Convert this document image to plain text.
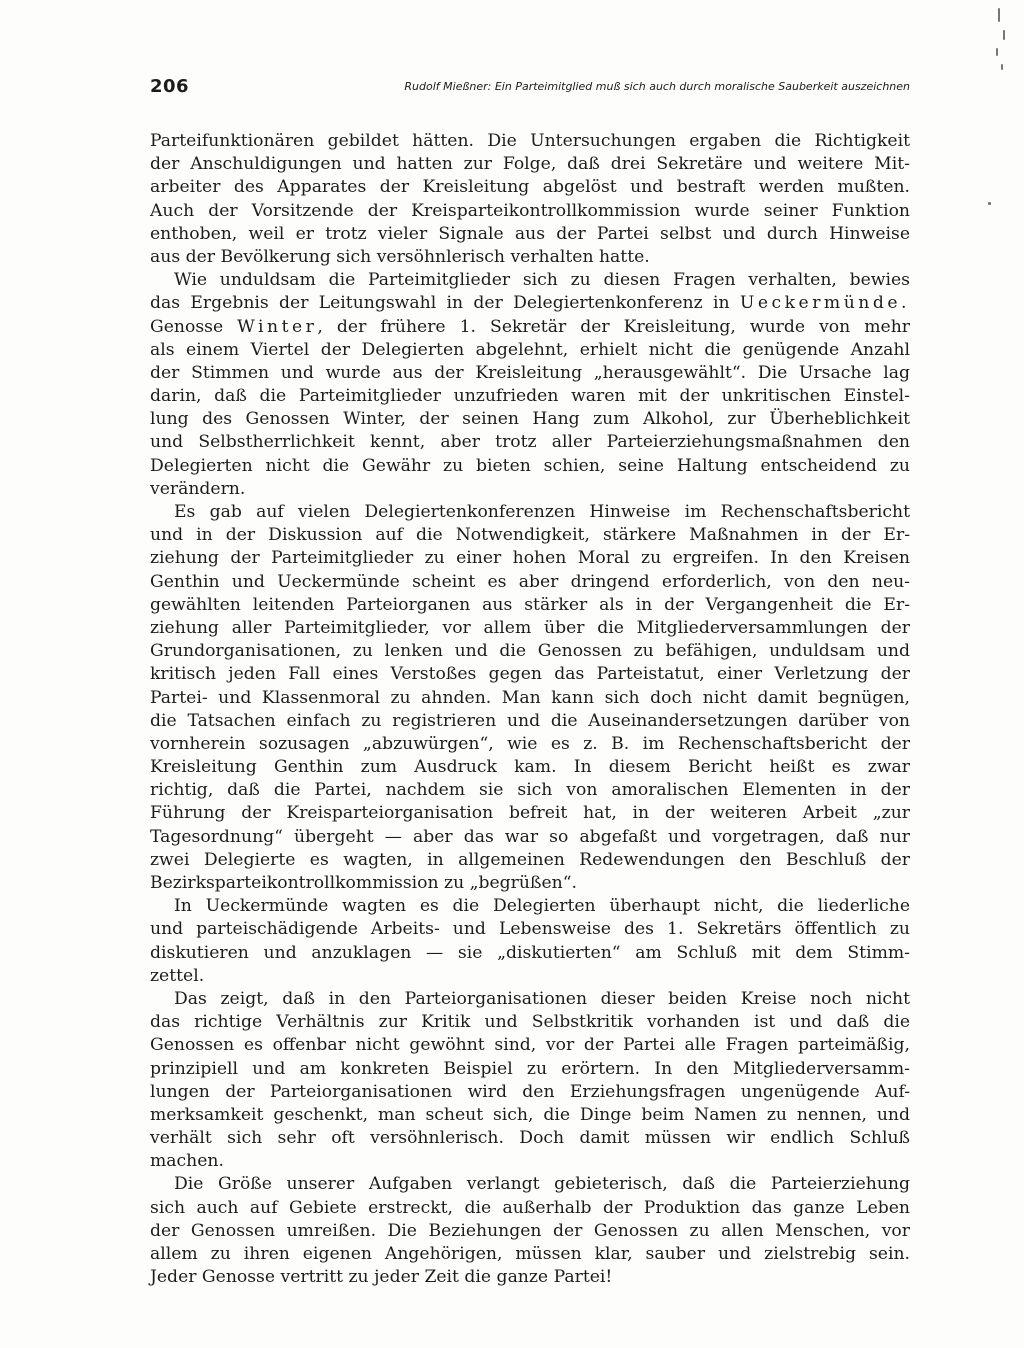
206	Rudolf Mießner: Ein Parteimitglied muß sich auch durch moralische Sauberkeit auszeichnen
Parteifunktionären gebildet hätten. Die Untersuchungen ergaben die Richtigkeit
der Anschuldigungen und hatten zur Folge, daß drei Sekretäre und weitere Mit-
arbeiter des Apparates der Kreisleitung abgelöst und bestraft werden mußten.
Auch der Vorsitzende der Kreisparteikontrollkommission wurde seiner Funktion
enthoben, weil er trotz vieler Signale aus der Partei selbst und durch Hinweise
aus der Bevölkerung sich versöhnlerisch verhalten hatte.
Wie unduldsam die Parteimitglieder sich zu diesen Fragen verhalten, bewies
das Ergebnis der Leitungswahl in der Delegiertenkonferenz in Ueckermünde.
Genosse Winter, der frühere 1. Sekretär der Kreisleitung, wurde von mehr
als einem Viertel der Delegierten abgelehnt, erhielt nicht die genügende Anzahl
der Stimmen und wurde aus der Kreisleitung „herausgewählt“. Die Ursache lag
darin, daß die Parteimitglieder unzufrieden waren mit der unkritischen Einstel-
lung des Genossen Winter, der seinen Hang zum Alkohol, zur Überheblichkeit
und Selbstherrlichkeit kennt, aber trotz aller Parteierziehungsmaßnahmen den
Delegierten nicht die Gewähr zu bieten schien, seine Haltung entscheidend zu
verändern.
Es gab auf vielen Delegiertenkonferenzen Hinweise im Rechenschaftsbericht
und in der Diskussion auf die Notwendigkeit, stärkere Maßnahmen in der Er-
ziehung der Parteimitglieder zu einer hohen Moral zu ergreifen. In den Kreisen
Genthin und Ueckermünde scheint es aber dringend erforderlich, von den neu-
gewählten leitenden Parteiorganen aus stärker als in der Vergangenheit die Er-
ziehung aller Parteimitglieder, vor allem über die Mitgliederversammlungen der
Grundorganisationen, zu lenken und die Genossen zu befähigen, unduldsam und
kritisch jeden Fall eines Verstoßes gegen das Parteistatut, einer Verletzung der
Partei- und Klassenmoral zu ahnden. Man kann sich doch nicht damit begnügen,
die Tatsachen einfach zu registrieren und die Auseinandersetzungen darüber von
vornherein sozusagen „abzuwürgen“, wie es z. B. im Rechenschaftsbericht der
Kreisleitung Genthin zum Ausdruck kam. In diesem Bericht heißt es zwar
richtig, daß die Partei, nachdem sie sich von amoralischen Elementen in der
Führung der Kreisparteiorganisation befreit hat, in der weiteren Arbeit „zur
Tagesordnung“ übergeht — aber das war so abgefaßt und vorgetragen, daß nur
zwei Delegierte es wagten, in allgemeinen Redewendungen den Beschluß der
Bezirksparteikontrollkommission zu „begrüßen“.
In Ueckermünde wagten es die Delegierten überhaupt nicht, die liederliche
und parteischädigende Arbeits- und Lebensweise des 1. Sekretärs öffentlich zu
diskutieren und anzuklagen — sie „diskutierten“ am Schluß mit dem Stimm-
zettel.
Das zeigt, daß in den Parteiorganisationen dieser beiden Kreise noch nicht
das richtige Verhältnis zur Kritik und Selbstkritik vorhanden ist und daß die
Genossen es offenbar nicht gewöhnt sind, vor der Partei alle Fragen parteimäßig,
prinzipiell und am konkreten Beispiel zu erörtern. In den Mitgliederversamm-
lungen der Parteiorganisationen wird den Erziehungsfragen ungenügende Auf-
merksamkeit geschenkt, man scheut sich, die Dinge beim Namen zu nennen, und
verhält sich sehr oft versöhnlerisch. Doch damit müssen wir endlich Schluß
machen.
Die Größe unserer Aufgaben verlangt gebieterisch, daß die Parteierziehung
sich auch auf Gebiete erstreckt, die außerhalb der Produktion das ganze Leben
der Genossen umreißen. Die Beziehungen der Genossen zu allen Menschen, vor
allem zu ihren eigenen Angehörigen, müssen klar, sauber und zielstrebig sein.
Jeder Genosse vertritt zu jeder Zeit die ganze Partei!
